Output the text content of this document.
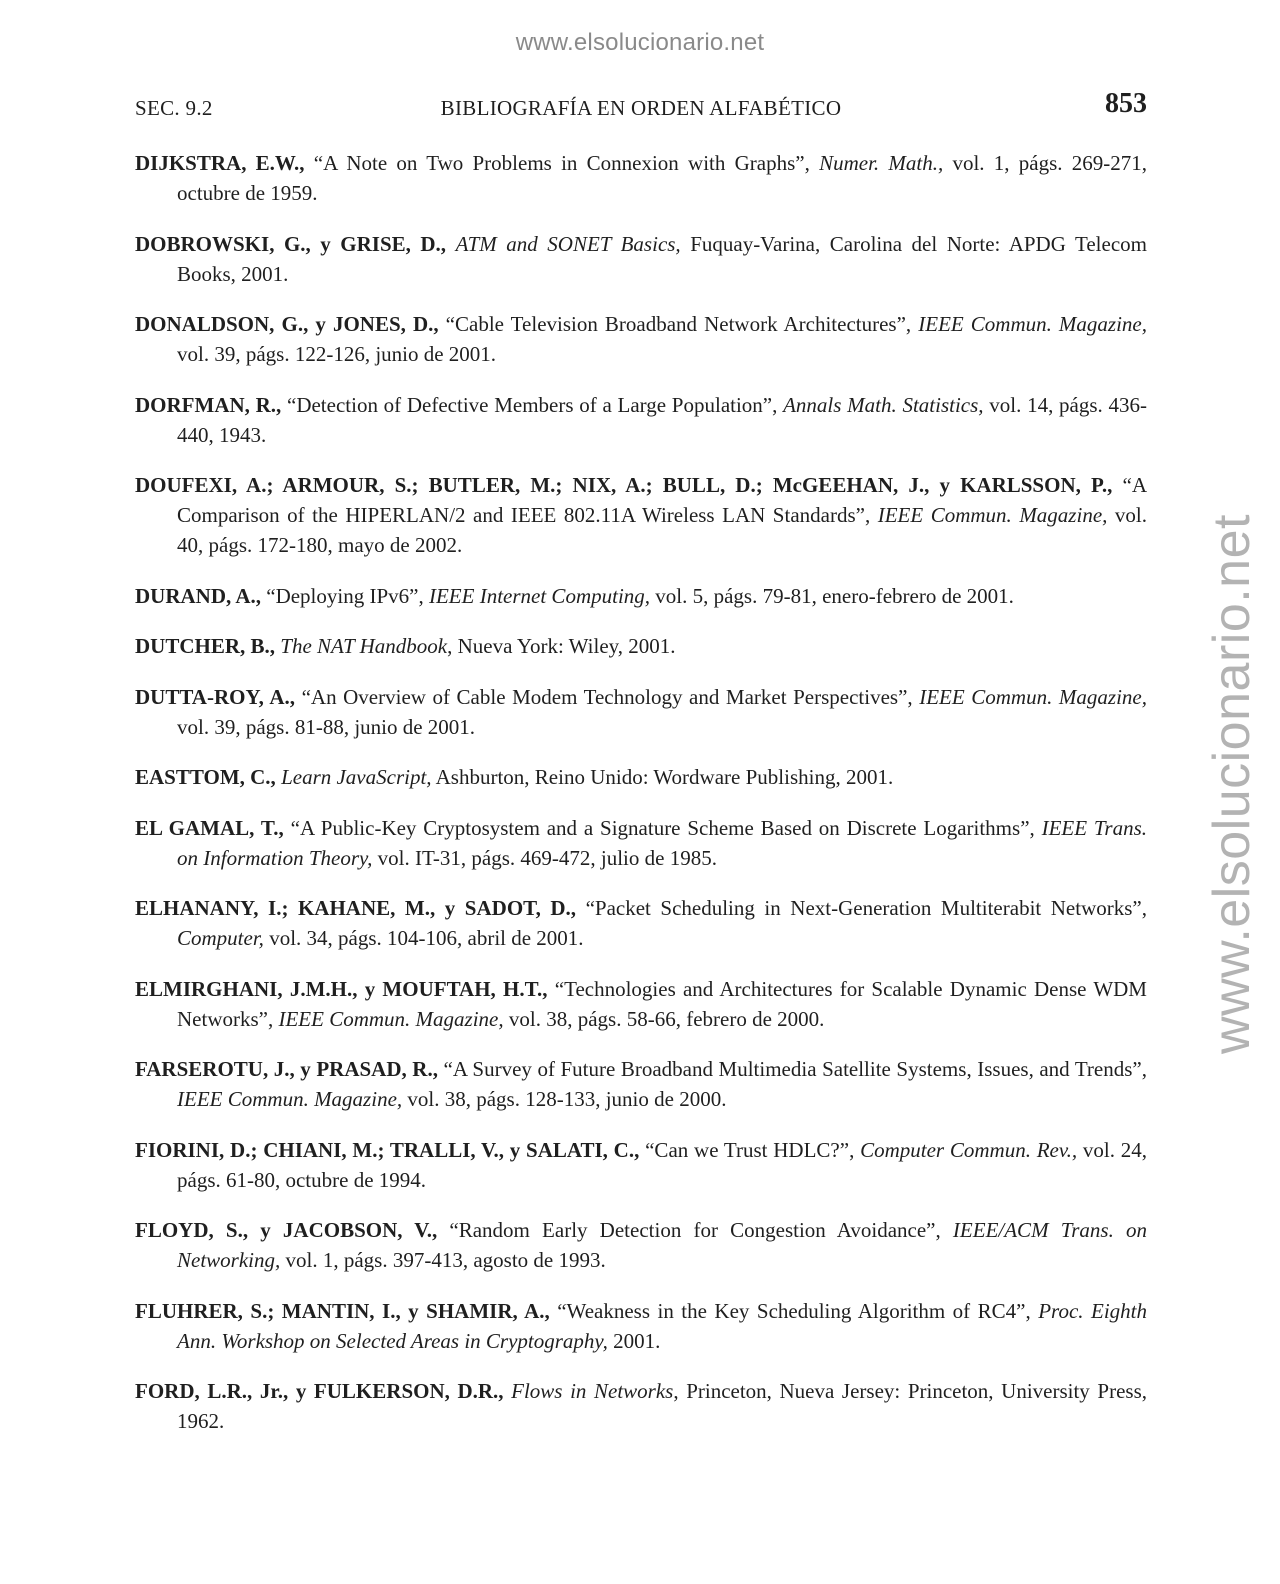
www.elsolucionario.net
www.elsolucionario.net
SEC. 9.2	BIBLIOGRAFÍA EN ORDEN ALFABÉTICO	853

DIJKSTRA, E.W., “A Note on Two Problems in Connexion with Graphs”, Numer. Math., vol. 1, págs. 269-271, octubre de 1959.

DOBROWSKI, G., y GRISE, D., ATM and SONET Basics, Fuquay-Varina, Carolina del Norte: APDG Telecom Books, 2001.

DONALDSON, G., y JONES, D., “Cable Television Broadband Network Architectures”, IEEE Commun. Magazine, vol. 39, págs. 122-126, junio de 2001.

DORFMAN, R., “Detection of Defective Members of a Large Population”, Annals Math. Statistics, vol. 14, págs. 436-440, 1943.

DOUFEXI, A.; ARMOUR, S.; BUTLER, M.; NIX, A.; BULL, D.; McGEEHAN, J., y KARLSSON, P., “A Comparison of the HIPERLAN/2 and IEEE 802.11A Wireless LAN Standards”, IEEE Commun. Magazine, vol. 40, págs. 172-180, mayo de 2002.

DURAND, A., “Deploying IPv6”, IEEE Internet Computing, vol. 5, págs. 79-81, enero-febrero de 2001.

DUTCHER, B., The NAT Handbook, Nueva York: Wiley, 2001.

DUTTA-ROY, A., “An Overview of Cable Modem Technology and Market Perspectives”, IEEE Commun. Magazine, vol. 39, págs. 81-88, junio de 2001.

EASTTOM, C., Learn JavaScript, Ashburton, Reino Unido: Wordware Publishing, 2001.

EL GAMAL, T., “A Public-Key Cryptosystem and a Signature Scheme Based on Discrete Logarithms”, IEEE Trans. on Information Theory, vol. IT-31, págs. 469-472, julio de 1985.

ELHANANY, I.; KAHANE, M., y SADOT, D., “Packet Scheduling in Next-Generation Multiterabit Networks”, Computer, vol. 34, págs. 104-106, abril de 2001.

ELMIRGHANI, J.M.H., y MOUFTAH, H.T., “Technologies and Architectures for Scalable Dynamic Dense WDM Networks”, IEEE Commun. Magazine, vol. 38, págs. 58-66, febrero de 2000.

FARSEROTU, J., y PRASAD, R., “A Survey of Future Broadband Multimedia Satellite Systems, Issues, and Trends”, IEEE Commun. Magazine, vol. 38, págs. 128-133, junio de 2000.

FIORINI, D.; CHIANI, M.; TRALLI, V., y SALATI, C., “Can we Trust HDLC?”, Computer Commun. Rev., vol. 24, págs. 61-80, octubre de 1994.

FLOYD, S., y JACOBSON, V., “Random Early Detection for Congestion Avoidance”, IEEE/ACM Trans. on Networking, vol. 1, págs. 397-413, agosto de 1993.

FLUHRER, S.; MANTIN, I., y SHAMIR, A., “Weakness in the Key Scheduling Algorithm of RC4”, Proc. Eighth Ann. Workshop on Selected Areas in Cryptography, 2001.

FORD, L.R., Jr., y FULKERSON, D.R., Flows in Networks, Princeton, Nueva Jersey: Princeton, University Press, 1962.
